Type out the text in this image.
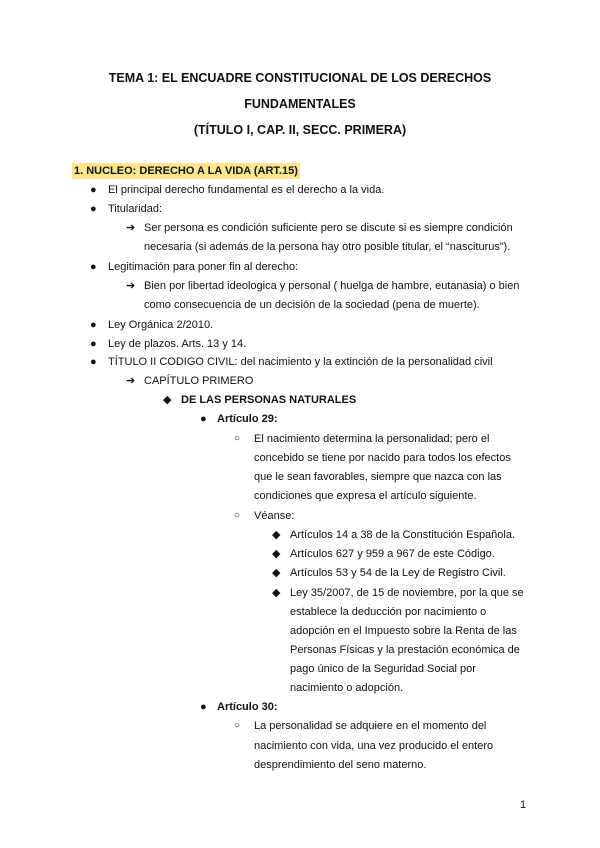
TEMA 1: EL ENCUADRE CONSTITUCIONAL DE LOS DERECHOS
FUNDAMENTALES
(TÍTULO I, CAP. II, SECC. PRIMERA)
1. NUCLEO: DERECHO A LA VIDA (ART.15)
● El principal derecho fundamental es el derecho a la vida.
● Titularidad:
➔ Ser persona es condición suficiente pero se discute si es siempre condición
necesaria (si además de la persona hay otro posible titular, el “nasciturus”).
● Legitimación para poner fin al derecho:
➔ Bien por libertad ideologica y personal ( huelga de hambre, eutanasia) o bien
como consecuencia de un decisión de la sociedad (pena de muerte).
● Ley Orgánica 2/2010.
● Ley de plazos. Arts. 13 y 14.
● TÍTULO II CODIGO CIVIL: del nacimiento y la extinción de la personalidad civil
➔ CAPÍTULO PRIMERO
◆ DE LAS PERSONAS NATURALES
● Artículo 29:
○ El nacimiento determina la personalidad; pero el
concebido se tiene por nacido para todos los efectos
que le sean favorables, siempre que nazca con las
condiciones que expresa el artículo siguiente.
○ Véanse:
◆ Artículos 14 a 38 de la Constitución Española.
◆ Artículos 627 y 959 a 967 de este Código.
◆ Artículos 53 y 54 de la Ley de Registro Civil.
◆ Ley 35/2007, de 15 de noviembre, por la que se
establece la deducción por nacimiento o
adopción en el Impuesto sobre la Renta de las
Personas Físicas y la prestación económica de
pago único de la Seguridad Social por
nacimiento o adopción.
● Artículo 30:
○ La personalidad se adquiere en el momento del
nacimiento con vida, una vez producido el entero
desprendimiento del seno materno.
1
